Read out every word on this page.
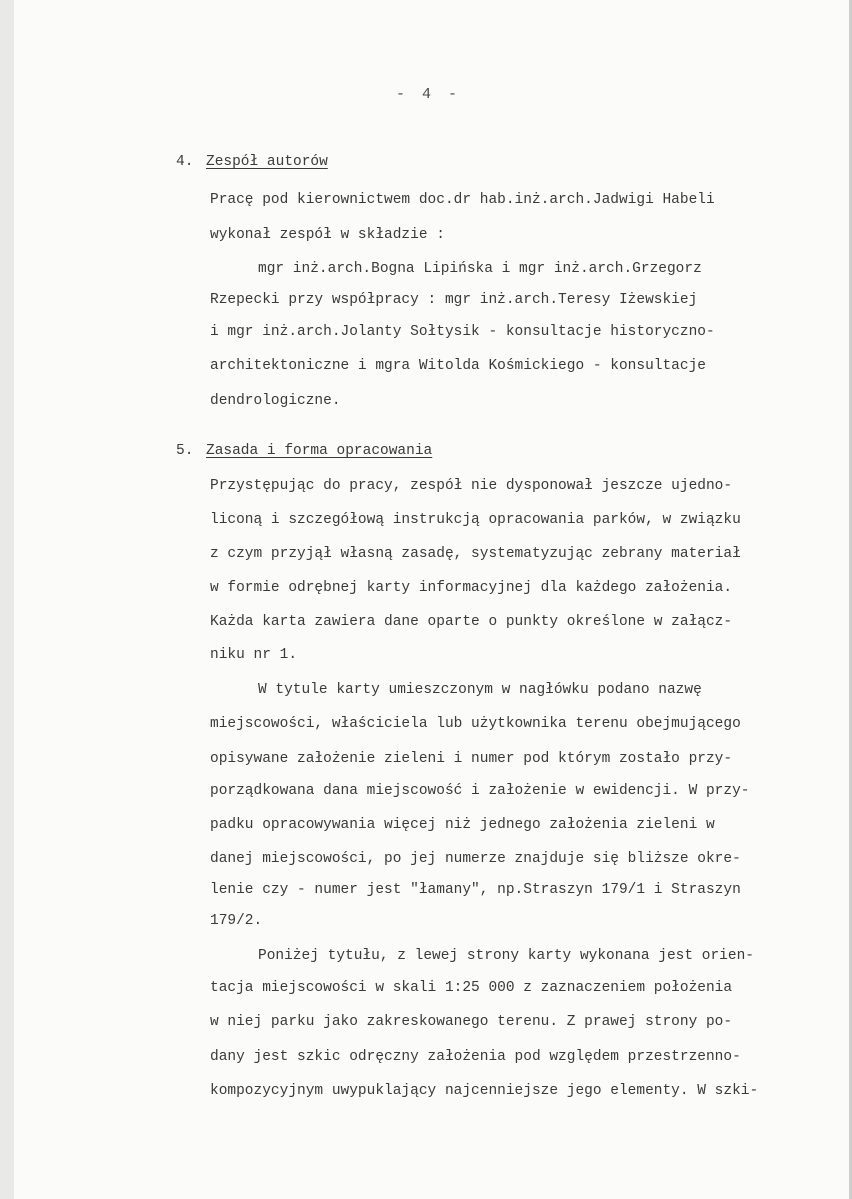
- 4 -
4. Zespół autorów
Pracę pod kierownictwem doc.dr hab.inż.arch.Jadwigi Habeli
wykonał zespół w składzie :
mgr inż.arch.Bogna Lipińska i mgr inż.arch.Grzegorz
Rzepecki przy współpracy : mgr inż.arch.Teresy Iżewskiej
i mgr inż.arch.Jolanty Sołtysik - konsultacje historyczno-
architektoniczne i mgra Witolda Kośmickiego - konsultacje
dendrologiczne.
5. Zasada i forma opracowania
Przystępując do pracy, zespół nie dysponował jeszcze ujedno-
liconą i szczegółową instrukcją opracowania parków, w związku
z czym przyjął własną zasadę, systematyzując zebrany materiał
w formie odrębnej karty informacyjnej dla każdego założenia.
Każda karta zawiera dane oparte o punkty określone w załącz-
niku nr 1.
W tytule karty umieszczonym w nagłówku podano nazwę
miejscowości, właściciela lub użytkownika terenu obejmującego
opisywane założenie zieleni i numer pod którym zostało przy-
porządkowana dana miejscowość i założenie w ewidencji. W przy-
padku opracowywania więcej niż jednego założenia zieleni w
danej miejscowości, po jej numerze znajduje się bliższe okre-
lenie czy - numer jest "łamany", np.Straszyn 179/1 i Straszyn
179/2.
Poniżej tytułu, z lewej strony karty wykonana jest orien-
tacja miejscowości w skali 1:25 000 z zaznaczeniem położenia
w niej parku jako zakreskowanego terenu. Z prawej strony po-
dany jest szkic odręczny założenia pod względem przestrzenno-
kompozycyjnym uwypuklający najcenniejsze jego elementy. W szki-
